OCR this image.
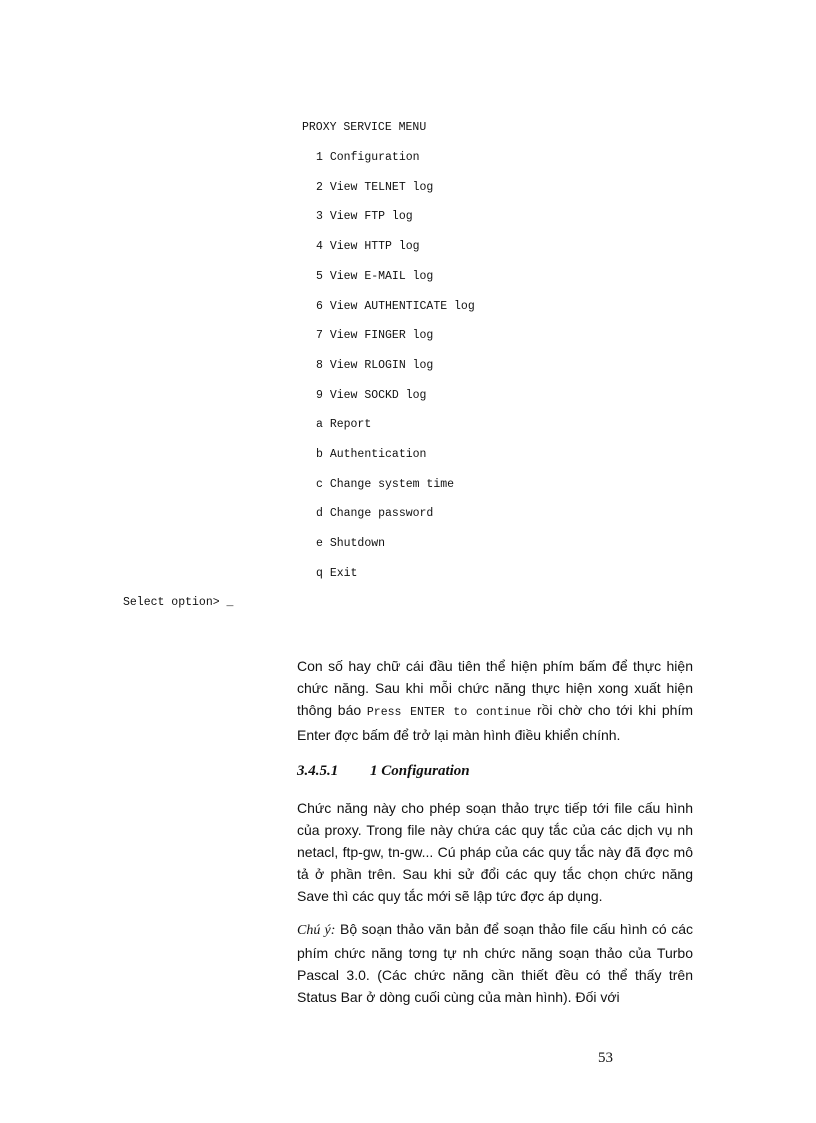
PROXY SERVICE MENU
1 Configuration
2 View TELNET log
3 View FTP log
4 View HTTP log
5 View E-MAIL log
6 View AUTHENTICATE log
7 View FINGER log
8 View RLOGIN log
9 View SOCKD log
a Report
b Authentication
c Change system time
d Change password
e Shutdown
q Exit
Select option> _
Con số hay chữ cái đầu tiên thể hiện phím bấm để thực hiện chức năng. Sau khi mỗi chức năng thực hiện xong xuất hiện thông báo Press ENTER to continue rồi chờ cho tới khi phím Enter đợc bấm để trở lại màn hình điều khiển chính.
3.4.5.1 1 Configuration
Chức năng này cho phép soạn thảo trực tiếp tới file cấu hình của proxy. Trong file này chứa các quy tắc của các dịch vụ nh netacl, ftp-gw, tn-gw... Cú pháp của các quy tắc này đã đợc mô tả ở phần trên. Sau khi sử đổi các quy tắc chọn chức năng Save thì các quy tắc mới sẽ lập tức đợc áp dụng.
Chú ý: Bộ soạn thảo văn bản để soạn thảo file cấu hình có các phím chức năng tơng tự nh chức năng soạn thảo của Turbo Pascal 3.0. (Các chức năng cần thiết đều có thể thấy trên Status Bar ở dòng cuối cùng của màn hình). Đối với
53
